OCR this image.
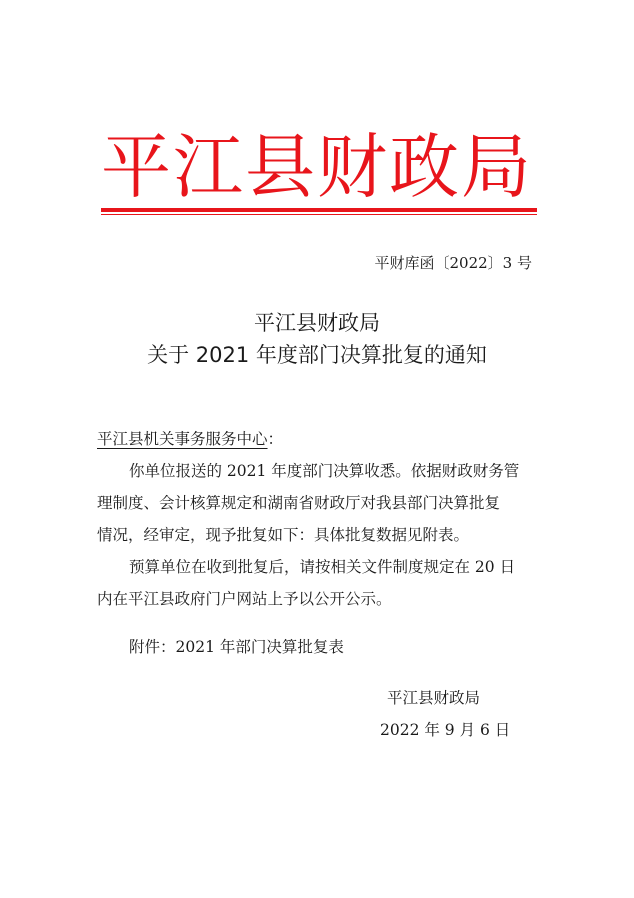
平江县财政局
平财库函〔2022〕3 号
平江县财政局
关于 2021 年度部门决算批复的通知
平江县机关事务服务中心：
你单位报送的 2021 年度部门决算收悉。依据财政财务管
理制度、会计核算规定和湖南省财政厅对我县部门决算批复
情况，经审定，现予批复如下：具体批复数据见附表。
预算单位在收到批复后，请按相关文件制度规定在 20 日
内在平江县政府门户网站上予以公开公示。
附件：2021 年部门决算批复表
平江县财政局
2022 年 9 月 6 日
